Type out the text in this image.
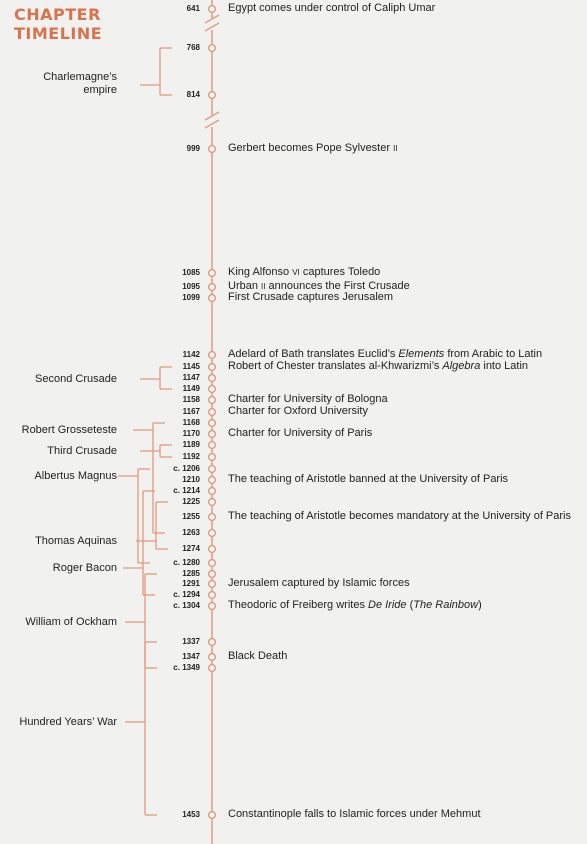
CHAPTER
TIMELINE
641
768
814
999
1085
1095
1099
1142
1145
1147
1149
1158
1167
1168
1170
1189
1192
c. 1206
1210
c. 1214
1225
1255
1263
1274
c. 1280
1285
1291
c. 1294
c. 1304
1337
1347
c. 1349
1453
Egypt comes under control of Caliph Umar
Gerbert becomes Pope Sylvester II
King Alfonso VI captures Toledo
Urban II announces the First Crusade
First Crusade captures Jerusalem
Adelard of Bath translates Euclid’s Elements from Arabic to Latin
Robert of Chester translates al-Khwarizmi’s Algebra into Latin
Charter for University of Bologna
Charter for Oxford University
Charter for University of Paris
The teaching of Aristotle banned at the University of Paris
The teaching of Aristotle becomes mandatory at the University of Paris
Jerusalem captured by Islamic forces
Theodoric of Freiberg writes De Iride (The Rainbow)
Black Death
Constantinople falls to Islamic forces under Mehmut
Charlemagne’s
empire
Second Crusade
Robert Grosseteste
Third Crusade
Albertus Magnus
Thomas Aquinas
Roger Bacon
William of Ockham
Hundred Years’ War
